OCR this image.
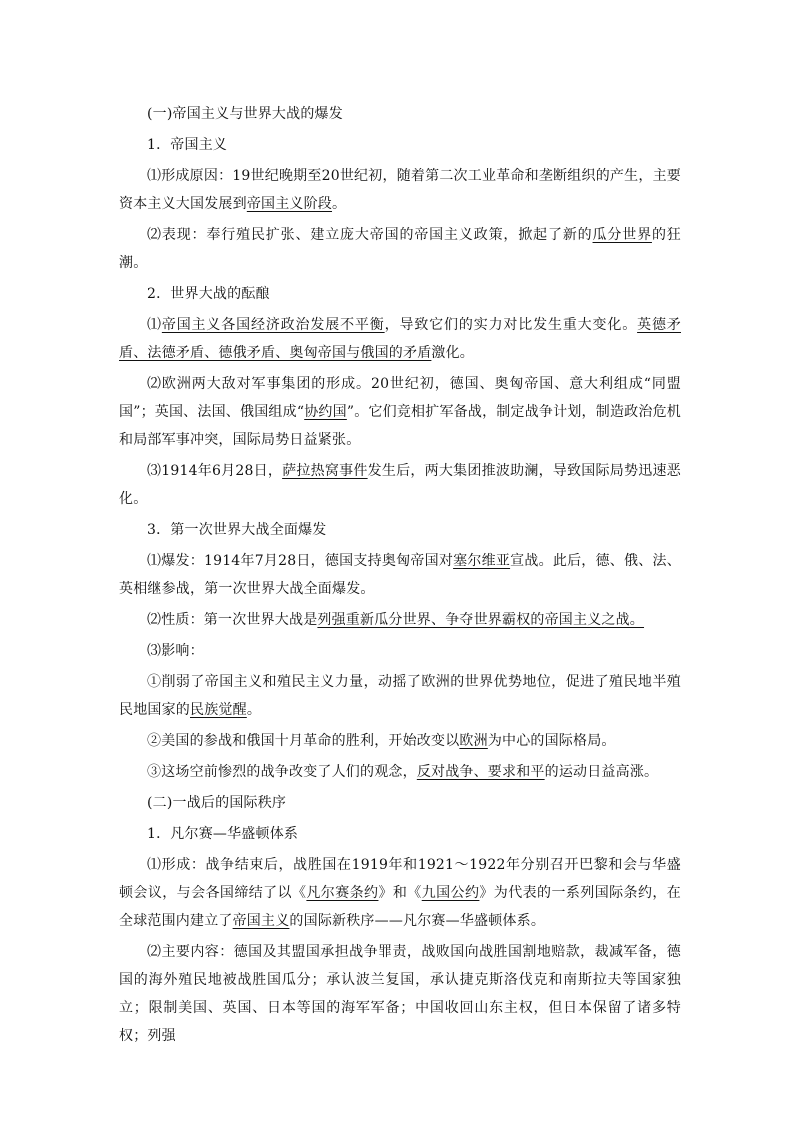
(一)帝国主义与世界大战的爆发

1．帝国主义

⑴形成原因：19世纪晚期至20世纪初，随着第二次工业革命和垄断组织的产生，主要资本主义大国发展到帝国主义阶段。

⑵表现：奉行殖民扩张、建立庞大帝国的帝国主义政策，掀起了新的瓜分世界的狂潮。

2．世界大战的酝酿

⑴帝国主义各国经济政治发展不平衡，导致它们的实力对比发生重大变化。英德矛盾、法德矛盾、德俄矛盾、奥匈帝国与俄国的矛盾激化。

⑵欧洲两大敌对军事集团的形成。20世纪初，德国、奥匈帝国、意大利组成“同盟国”；英国、法国、俄国组成“协约国”。它们竞相扩军备战，制定战争计划，制造政治危机和局部军事冲突，国际局势日益紧张。

⑶1914年6月28日，萨拉热窝事件发生后，两大集团推波助澜，导致国际局势迅速恶化。

3．第一次世界大战全面爆发

⑴爆发：1914年7月28日，德国支持奥匈帝国对塞尔维亚宣战。此后，德、俄、法、英相继参战，第一次世界大战全面爆发。

⑵性质：第一次世界大战是列强重新瓜分世界、争夺世界霸权的帝国主义之战。

⑶影响：

①削弱了帝国主义和殖民主义力量，动摇了欧洲的世界优势地位，促进了殖民地半殖民地国家的民族觉醒。

②美国的参战和俄国十月革命的胜利，开始改变以欧洲为中心的国际格局。

③这场空前惨烈的战争改变了人们的观念，反对战争、要求和平的运动日益高涨。

(二)一战后的国际秩序

1．凡尔赛—华盛顿体系

⑴形成：战争结束后，战胜国在1919年和1921～1922年分别召开巴黎和会与华盛顿会议，与会各国缔结了以《凡尔赛条约》和《九国公约》为代表的一系列国际条约，在全球范围内建立了帝国主义的国际新秩序——凡尔赛—华盛顿体系。

⑵主要内容：德国及其盟国承担战争罪责，战败国向战胜国割地赔款，裁减军备，德国的海外殖民地被战胜国瓜分；承认波兰复国，承认捷克斯洛伐克和南斯拉夫等国家独立；限制美国、英国、日本等国的海军军备；中国收回山东主权，但日本保留了诸多特权；列强
